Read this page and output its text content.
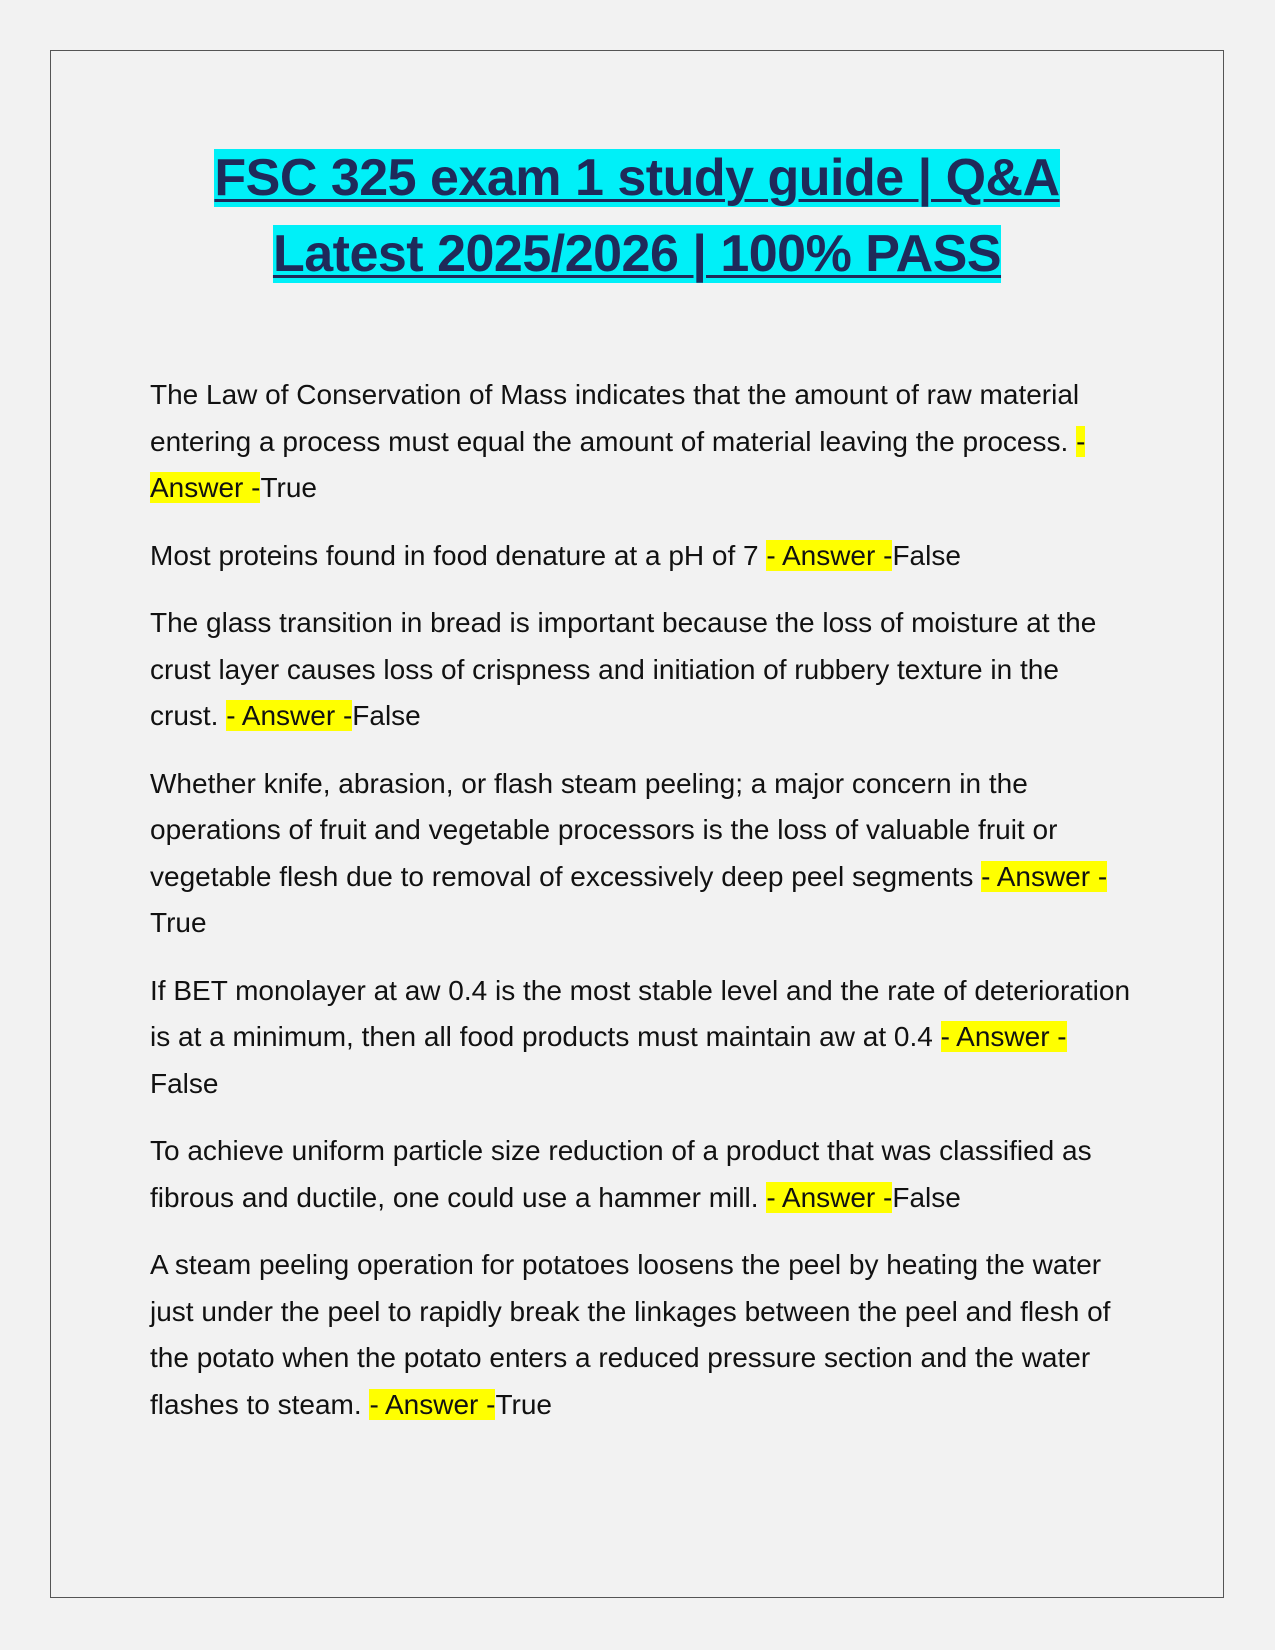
FSC 325 exam 1 study guide | Q&A
Latest 2025/2026 | 100% PASS

The Law of Conservation of Mass indicates that the amount of raw material entering a process must equal the amount of material leaving the process. - Answer -True

Most proteins found in food denature at a pH of 7 - Answer -False

The glass transition in bread is important because the loss of moisture at the crust layer causes loss of crispness and initiation of rubbery texture in the crust. - Answer -False

Whether knife, abrasion, or flash steam peeling; a major concern in the operations of fruit and vegetable processors is the loss of valuable fruit or vegetable flesh due to removal of excessively deep peel segments - Answer -True

If BET monolayer at aw 0.4 is the most stable level and the rate of deterioration is at a minimum, then all food products must maintain aw at 0.4 - Answer -False

To achieve uniform particle size reduction of a product that was classified as fibrous and ductile, one could use a hammer mill. - Answer -False

A steam peeling operation for potatoes loosens the peel by heating the water just under the peel to rapidly break the linkages between the peel and flesh of the potato when the potato enters a reduced pressure section and the water flashes to steam. - Answer -True
